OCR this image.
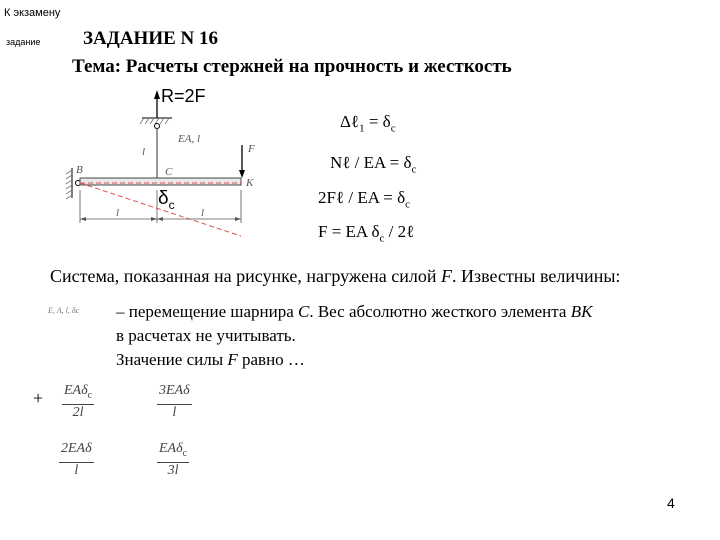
К экзамену
задание ЗАДАНИЕ N 16
Тема: Расчеты стержней на прочность и жесткость
EA, l
l
C
B
K
F
l	l
R=2F
$\delta_c$
Δℓ$_1$ = $\delta_c$
Nℓ / EA = $\delta_c$
2Fℓ / EA = $\delta_c$
F = EA $\delta_c$ / 2ℓ
Система, показанная на рисунке, нагружена силой F. Известны величины:
E, A, l, δc – перемещение шарнира C. Вес абсолютно жесткого элемента BK
в расчетах не учитывать.
Значение силы F равно …
+ EAδ$_c$
2l
3EAδ
l
2EAδ
l
EAδ$_c$
3l
4
